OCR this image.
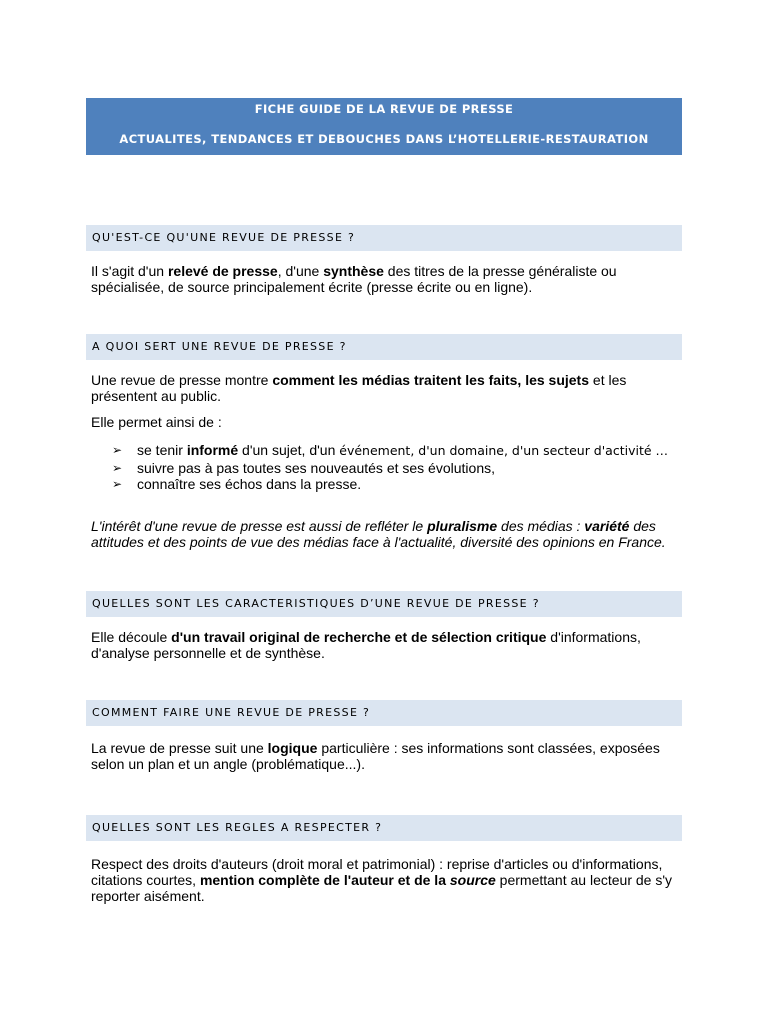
FICHE GUIDE DE LA REVUE DE PRESSE
ACTUALITES, TENDANCES ET DEBOUCHES DANS L’HOTELLERIE-RESTAURATION
QU'EST-CE QU'UNE REVUE DE PRESSE ?

Il s'agit d'un relevé de presse, d'une synthèse des titres de la presse généraliste ou spécialisée, de source principalement écrite (presse écrite ou en ligne).

A QUOI SERT UNE REVUE DE PRESSE ?

Une revue de presse montre comment les médias traitent les faits, les sujets et les présentent au public.

Elle permet ainsi de :

➢ se tenir informé d'un sujet, d'un événement, d'un domaine, d'un secteur d'activité …
➢ suivre pas à pas toutes ses nouveautés et ses évolutions,
➢ connaître ses échos dans la presse.

L'intérêt d'une revue de presse est aussi de refléter le pluralisme des médias : variété des attitudes et des points de vue des médias face à l'actualité, diversité des opinions en France.

QUELLES SONT LES CARACTERISTIQUES D’UNE REVUE DE PRESSE ?

Elle découle d'un travail original de recherche et de sélection critique d'informations, d'analyse personnelle et de synthèse.

COMMENT FAIRE UNE REVUE DE PRESSE ?

La revue de presse suit une logique particulière : ses informations sont classées, exposées selon un plan et un angle (problématique...).

QUELLES SONT LES REGLES A RESPECTER ?

Respect des droits d'auteurs (droit moral et patrimonial) : reprise d'articles ou d'informations, citations courtes, mention complète de l'auteur et de la source permettant au lecteur de s'y reporter aisément.
